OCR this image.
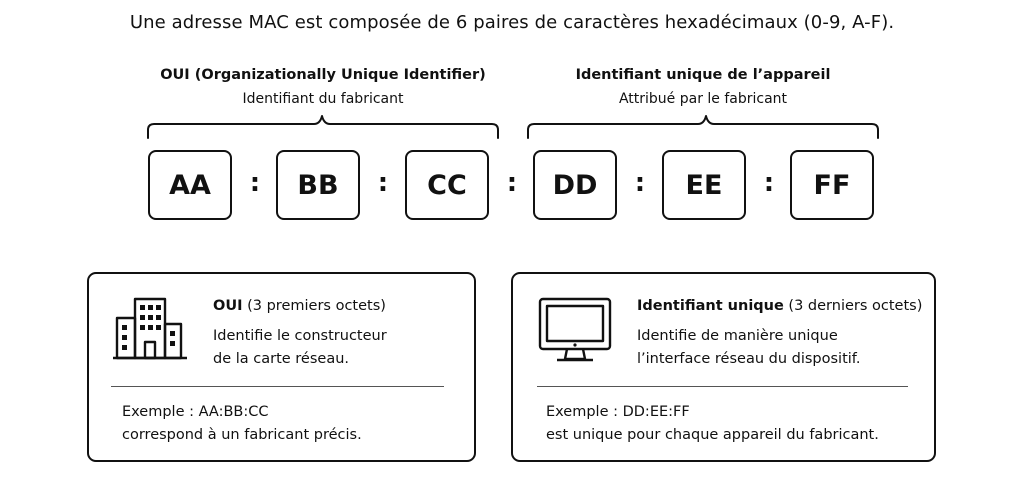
Une adresse MAC est composée de 6 paires de caractères hexadécimaux (0-9, A-F).
OUI (Organizationally Unique Identifier)
Identifiant du fabricant
Identifiant unique de l’appareil
Attribué par le fabricant
AA	:	BB	:	CC	:	DD	:	EE	:	FF
OUI (3 premiers octets)
Identifie le constructeur
de la carte réseau.
Exemple : AA:BB:CC
correspond à un fabricant précis.
Identifiant unique (3 derniers octets)
Identifie de manière unique
l’interface réseau du dispositif.
Exemple : DD:EE:FF
est unique pour chaque appareil du fabricant.
